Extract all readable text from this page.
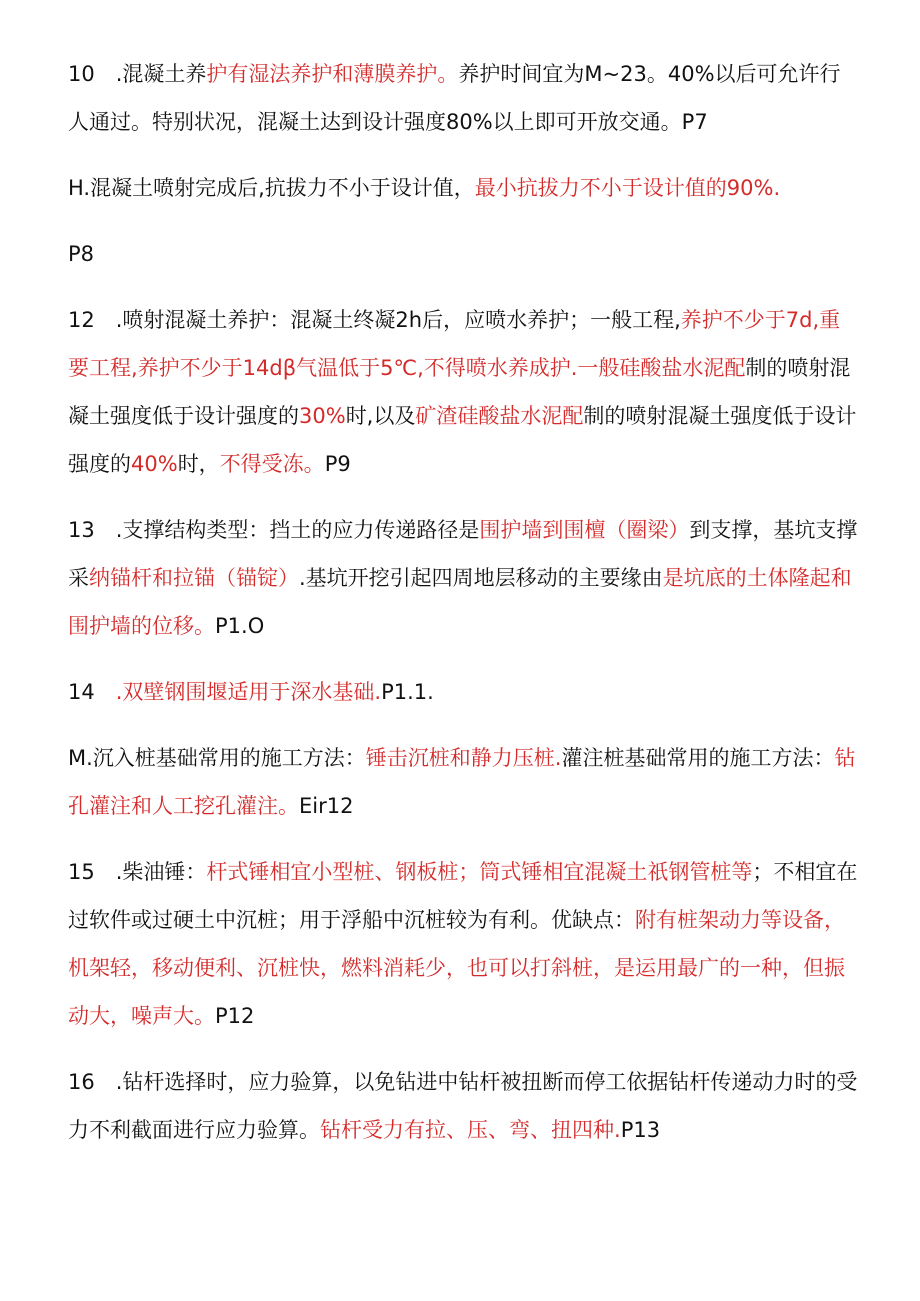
10　.混凝土养护有湿法养护和薄膜养护。养护时间宜为M~23。40%以后可允许行人通过。特别状况，混凝土达到设计强度80%以上即可开放交通。P7

H.混凝土喷射完成后,抗拔力不小于设计值，最小抗拔力不小于设计值的90%.

P8

12　.喷射混凝土养护：混凝土终凝2h后，应喷水养护；一般工程,养护不少于7d,重要工程,养护不少于14dβ气温低于5℃,不得喷水养成护.一般硅酸盐水泥配制的喷射混凝土强度低于设计强度的30%时,以及矿渣硅酸盐水泥配制的喷射混凝土强度低于设计强度的40%时，不得受冻。P9

13　.支撑结构类型：挡土的应力传递路径是围护墙到围檀（圈梁）到支撑，基坑支撑采纳锚杆和拉锚（锚锭）.基坑开挖引起四周地层移动的主要缘由是坑底的土体隆起和围护墙的位移。P1.O

14　.双壁钢围堰适用于深水基础.P1.1.

M.沉入桩基础常用的施工方法：锤击沉桩和静力压桩.灌注桩基础常用的施工方法：钻孔灌注和人工挖孔灌注。Eir12

15　.柴油锤：杆式锤相宜小型桩、钢板桩；筒式锤相宜混凝土祇钢管桩等；不相宜在过软件或过硬土中沉桩；用于浮船中沉桩较为有利。优缺点：附有桩架动力等设备，机架轻，移动便利、沉桩快，燃料消耗少，也可以打斜桩，是运用最广的一种，但振动大，噪声大。P12

16　.钻杆选择时，应力验算，以免钻进中钻杆被扭断而停工依据钻杆传递动力时的受力不利截面进行应力验算。钻杆受力有拉、压、弯、扭四种.P13
